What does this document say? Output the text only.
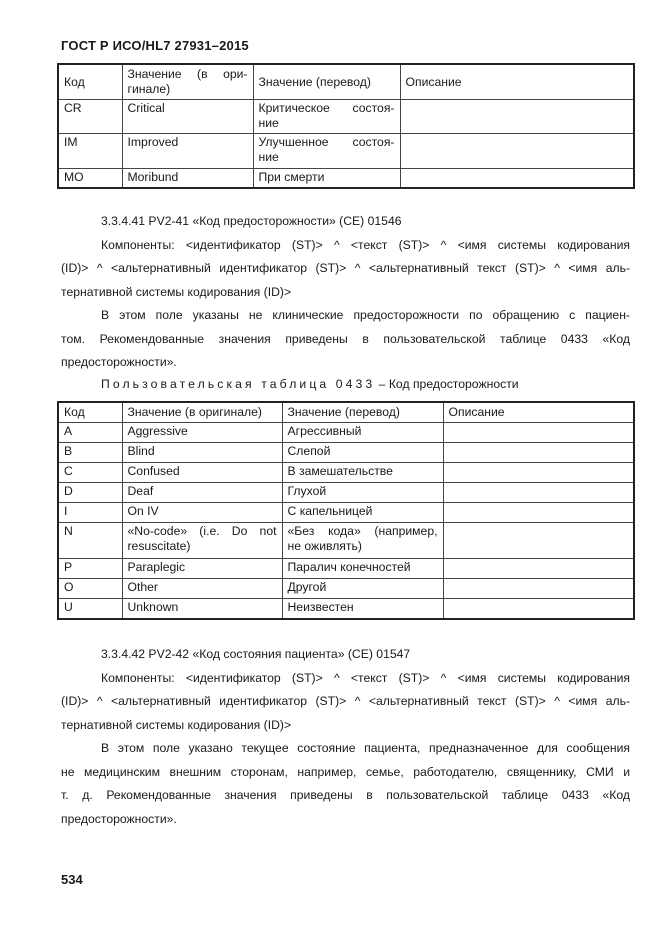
ГОСТ Р ИСО/HL7 27931–2015
Код	Значение (в ори-
гинале)	Значение (перевод)	Описание
CR	Critical	Критическое состоя-
ние	

IM	Improved	Улучшенное состоя-
ние	

MO	Moribund	При смерти	
3.3.4.41 PV2-41 «Код предосторожности» (CE) 01546
Компоненты: <идентификатор (ST)> ^ <текст (ST)> ^ <имя системы кодирования
(ID)> ^ <альтернативный идентификатор (ST)> ^ <альтернативный текст (ST)> ^ <имя аль-
тернативной системы кодирования (ID)>
В этом поле указаны не клинические предосторожности по обращению с пациен-
том. Рекомендованные значения приведены в пользовательской таблице 0433 «Код
предосторожности».
Пользовательская таблица 0433 – Код предосторожности
Код	Значение (в оригинале)	Значение (перевод)	Описание
A	Aggressive	Агрессивный	
B	Blind	Слепой	
C	Confused	В замешательстве	
D	Deaf	Глухой	
I	On IV	С капельницей	
N	«No-code» (i.e. Do not
resuscitate)	«Без кода» (например,
не оживлять)	

P	Paraplegic	Паралич конечностей	
O	Other	Другой	
U	Unknown	Неизвестен	
3.3.4.42 PV2-42 «Код состояния пациента» (CE) 01547
Компоненты: <идентификатор (ST)> ^ <текст (ST)> ^ <имя системы кодирования
(ID)> ^ <альтернативный идентификатор (ST)> ^ <альтернативный текст (ST)> ^ <имя аль-
тернативной системы кодирования (ID)>
В этом поле указано текущее состояние пациента, предназначенное для сообщения
не медицинским внешним сторонам, например, семье, работодателю, священнику, СМИ и
т. д. Рекомендованные значения приведены в пользовательской таблице 0433 «Код
предосторожности».
534
